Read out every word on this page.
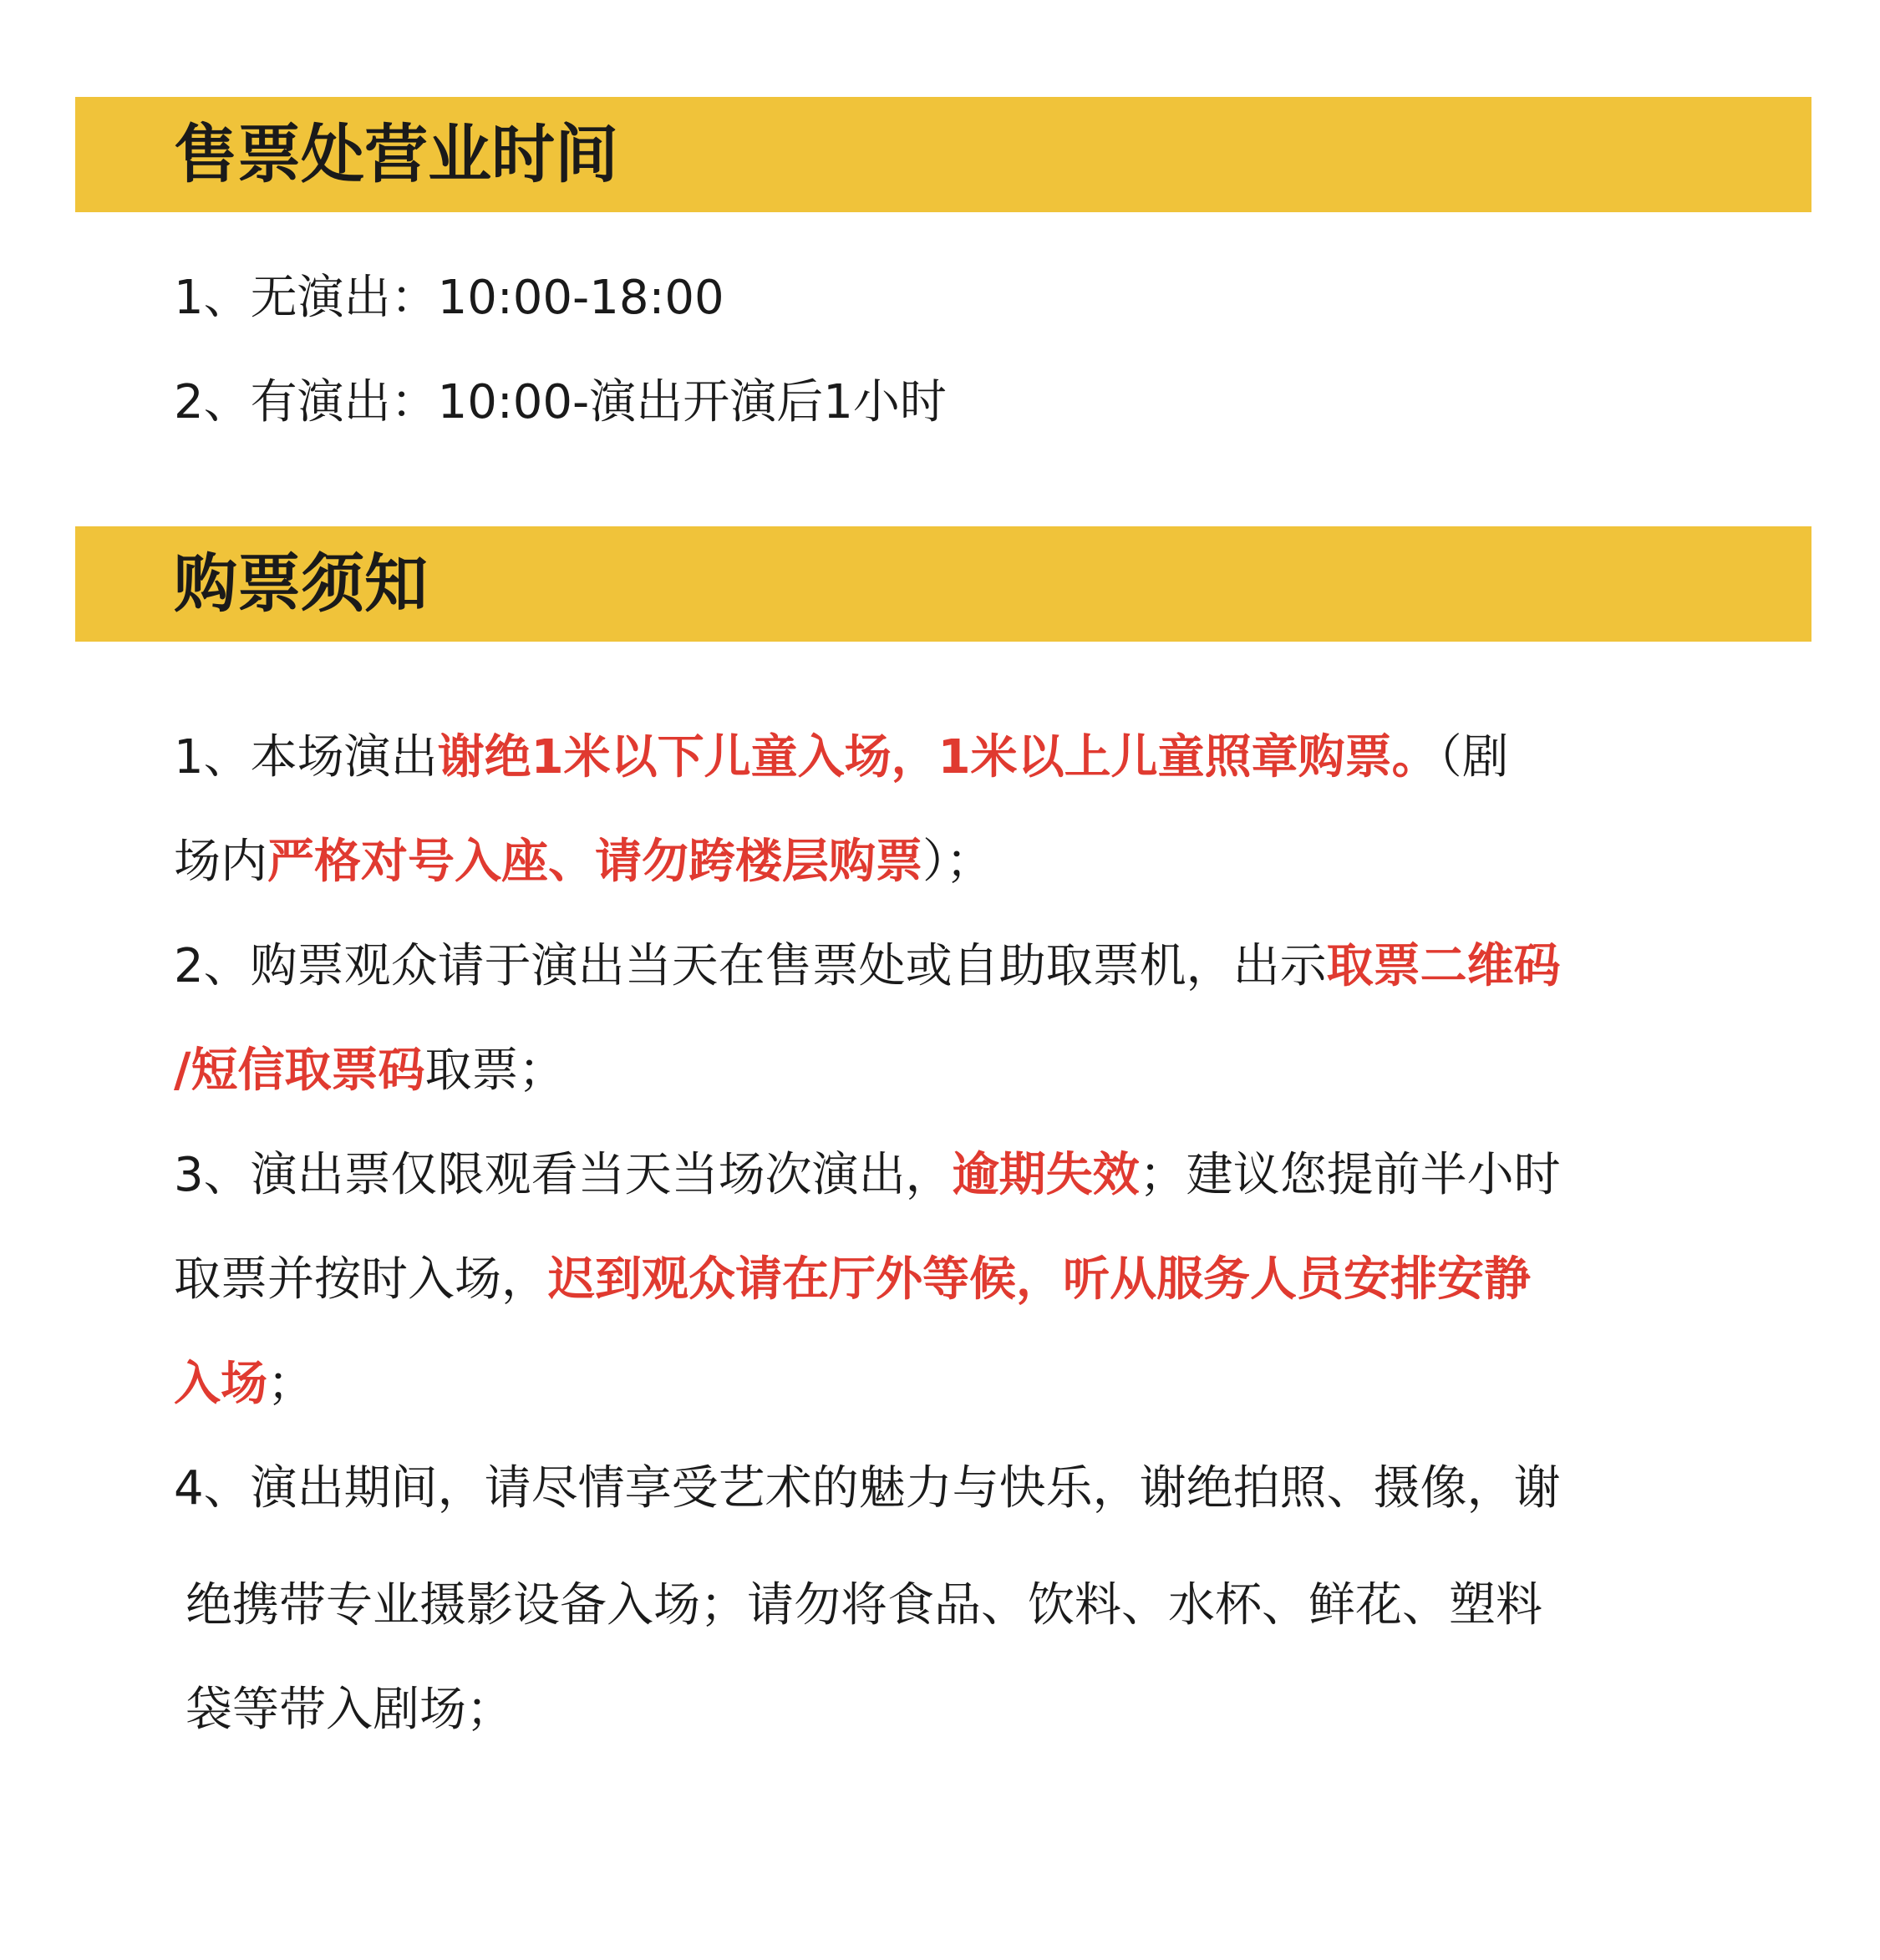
售票处营业时间
1、无演出：10:00-18:00
2、有演出：10:00-演出开演后1小时
购票须知
1、本场演出谢绝1米以下儿童入场，1米以上儿童照章购票。（剧
场内严格对号入座、请勿跨楼层购票）；
2、购票观众请于演出当天在售票处或自助取票机，出示取票二维码
/短信取票码取票；
3、演出票仅限观看当天当场次演出，逾期失效；建议您提前半小时
取票并按时入场，迟到观众请在厅外等候，听从服务人员安排安静
入场；
4、演出期间，请尽情享受艺术的魅力与快乐，谢绝拍照、摄像，谢
绝携带专业摄影设备入场；请勿将食品、饮料、水杯、鲜花、塑料
袋等带入剧场；
